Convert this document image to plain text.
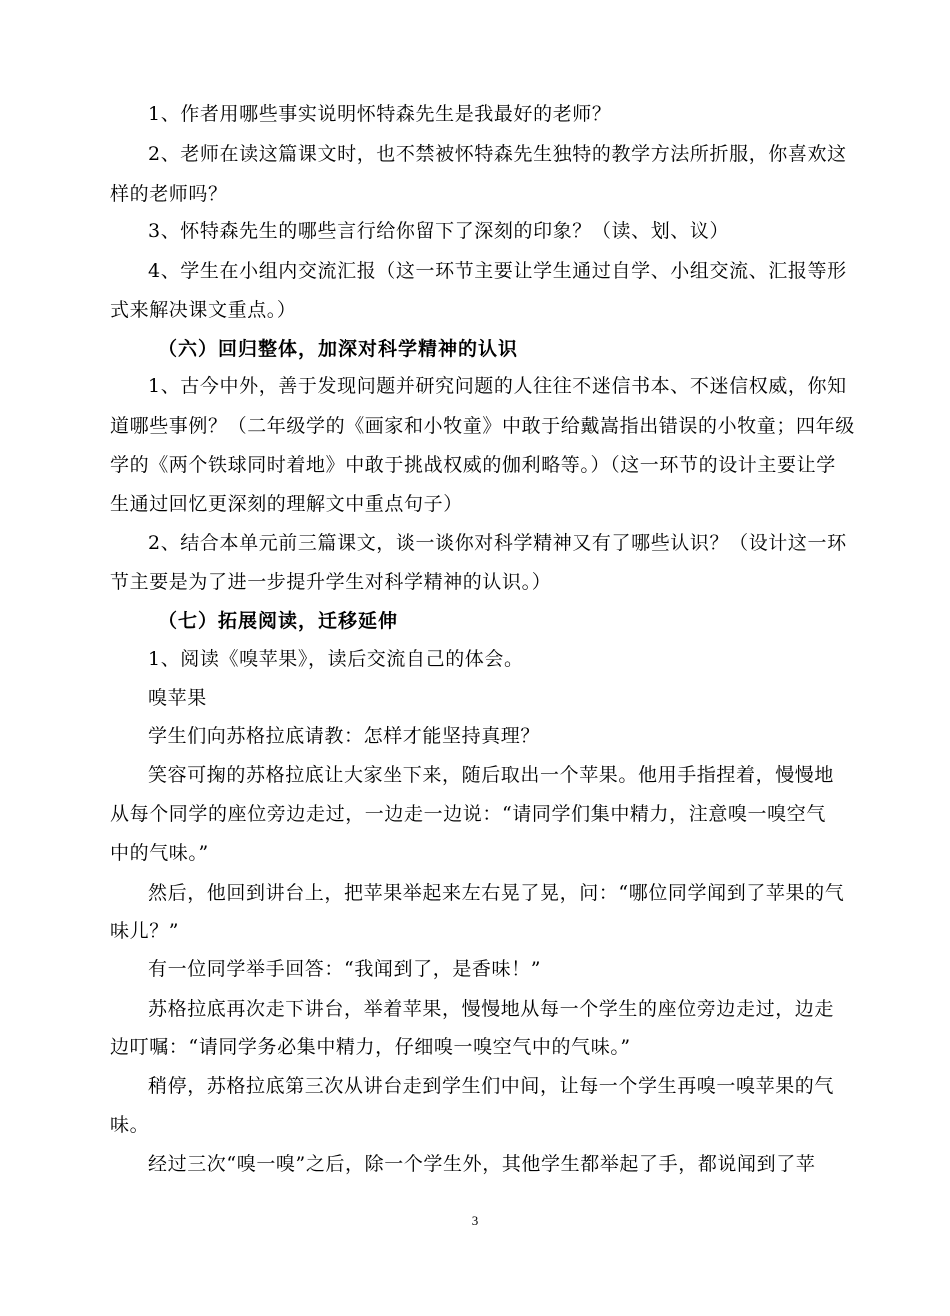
1、作者用哪些事实说明怀特森先生是我最好的老师？
2、老师在读这篇课文时，也不禁被怀特森先生独特的教学方法所折服，你喜欢这
样的老师吗？
3、怀特森先生的哪些言行给你留下了深刻的印象？（读、划、议）
4、学生在小组内交流汇报（这一环节主要让学生通过自学、小组交流、汇报等形
式来解决课文重点。）
（六）回归整体，加深对科学精神的认识
1、古今中外，善于发现问题并研究问题的人往往不迷信书本、不迷信权威，你知
道哪些事例？（二年级学的《画家和小牧童》中敢于给戴嵩指出错误的小牧童；四年级
学的《两个铁球同时着地》中敢于挑战权威的伽利略等。）（这一环节的设计主要让学
生通过回忆更深刻的理解文中重点句子）
2、结合本单元前三篇课文，谈一谈你对科学精神又有了哪些认识？（设计这一环
节主要是为了进一步提升学生对科学精神的认识。）
（七）拓展阅读，迁移延伸
1、阅读《嗅苹果》，读后交流自己的体会。
嗅苹果
学生们向苏格拉底请教：怎样才能坚持真理？
笑容可掬的苏格拉底让大家坐下来，随后取出一个苹果。他用手指捏着，慢慢地
从每个同学的座位旁边走过，一边走一边说：“请同学们集中精力，注意嗅一嗅空气
中的气味。”
然后，他回到讲台上，把苹果举起来左右晃了晃，问：“哪位同学闻到了苹果的气
味儿？”
有一位同学举手回答：“我闻到了，是香味！”
苏格拉底再次走下讲台，举着苹果，慢慢地从每一个学生的座位旁边走过，边走
边叮嘱：“请同学务必集中精力，仔细嗅一嗅空气中的气味。”
稍停，苏格拉底第三次从讲台走到学生们中间，让每一个学生再嗅一嗅苹果的气
味。
经过三次“嗅一嗅”之后，除一个学生外，其他学生都举起了手，都说闻到了苹
3
